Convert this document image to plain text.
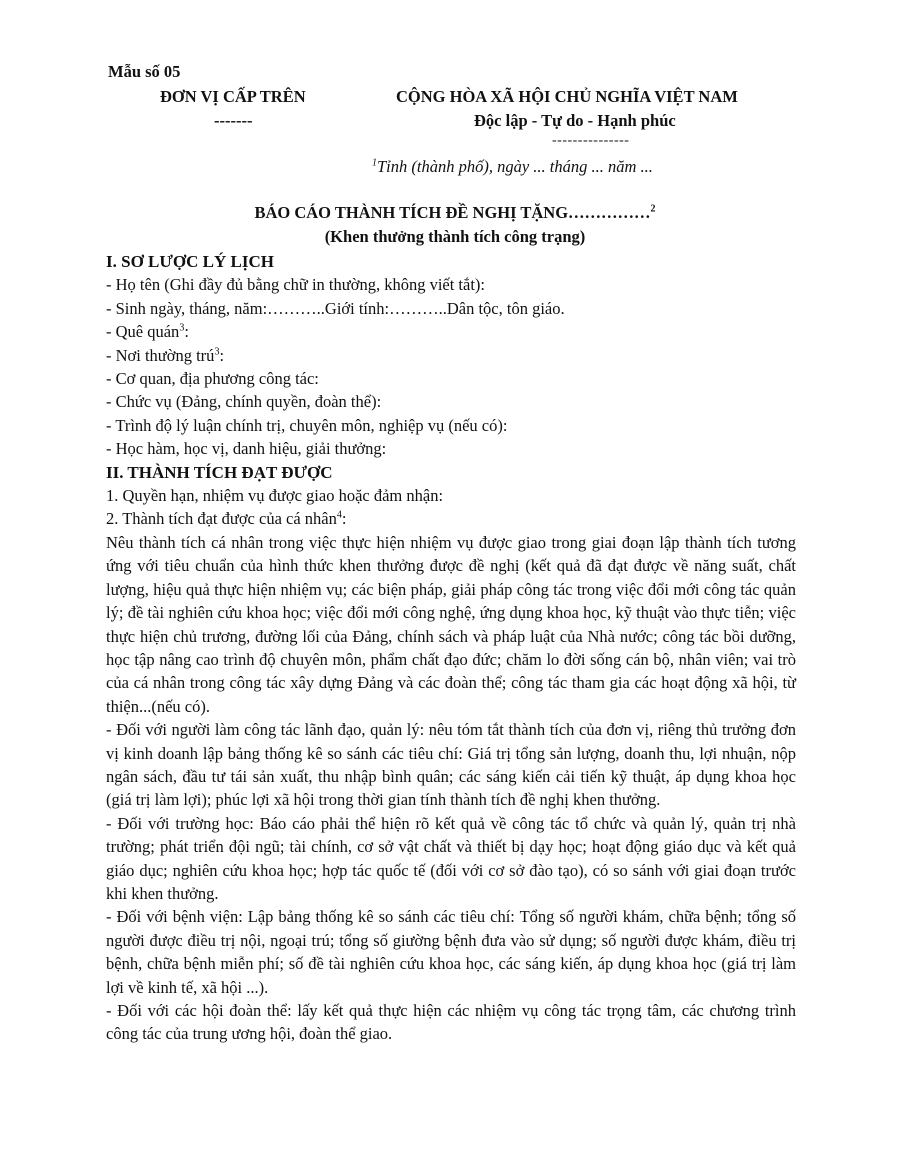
Mẫu số 05
ĐƠN VỊ CẤP TRÊN
-------
CỘNG HÒA XÃ HỘI CHỦ NGHĨA VIỆT NAM
Độc lập - Tự do - Hạnh phúc
---------------
$^1$Tỉnh (thành phố), ngày ... tháng ... năm ...
BÁO CÁO THÀNH TÍCH ĐỀ NGHỊ TẶNG……………$^2$
(Khen thưởng thành tích công trạng)
I. SƠ LƯỢC LÝ LỊCH
- Họ tên (Ghi đầy đủ bằng chữ in thường, không viết tắt):
- Sinh ngày, tháng, năm:………..Giới tính:………..Dân tộc, tôn giáo.
- Quê quán$^3$:
- Nơi thường trú$^3$:
- Cơ quan, địa phương công tác:
- Chức vụ (Đảng, chính quyền, đoàn thể):
- Trình độ lý luận chính trị, chuyên môn, nghiệp vụ (nếu có):
- Học hàm, học vị, danh hiệu, giải thưởng:
II. THÀNH TÍCH ĐẠT ĐƯỢC
1. Quyền hạn, nhiệm vụ được giao hoặc đảm nhận:
2. Thành tích đạt được của cá nhân$^4$:
Nêu thành tích cá nhân trong việc thực hiện nhiệm vụ được giao trong giai đoạn lập thành tích tương ứng với tiêu chuẩn của hình thức khen thưởng được đề nghị (kết quả đã đạt được về năng suất, chất lượng, hiệu quả thực hiện nhiệm vụ; các biện pháp, giải pháp công tác trong việc đổi mới công tác quản lý; đề tài nghiên cứu khoa học; việc đổi mới công nghệ, ứng dụng khoa học, kỹ thuật vào thực tiễn; việc thực hiện chủ trương, đường lối của Đảng, chính sách và pháp luật của Nhà nước; công tác bồi dưỡng, học tập nâng cao trình độ chuyên môn, phẩm chất đạo đức; chăm lo đời sống cán bộ, nhân viên; vai trò của cá nhân trong công tác xây dựng Đảng và các đoàn thể; công tác tham gia các hoạt động xã hội, từ thiện...(nếu có).
- Đối với người làm công tác lãnh đạo, quản lý: nêu tóm tắt thành tích của đơn vị, riêng thủ trưởng đơn vị kinh doanh lập bảng thống kê so sánh các tiêu chí: Giá trị tổng sản lượng, doanh thu, lợi nhuận, nộp ngân sách, đầu tư tái sản xuất, thu nhập bình quân; các sáng kiến cải tiến kỹ thuật, áp dụng khoa học (giá trị làm lợi); phúc lợi xã hội trong thời gian tính thành tích đề nghị khen thưởng.
- Đối với trường học: Báo cáo phải thể hiện rõ kết quả về công tác tổ chức và quản lý, quản trị nhà trường; phát triển đội ngũ; tài chính, cơ sở vật chất và thiết bị dạy học; hoạt động giáo dục và kết quả giáo dục; nghiên cứu khoa học; hợp tác quốc tế (đối với cơ sở đào tạo), có so sánh với giai đoạn trước khi khen thưởng.
- Đối với bệnh viện: Lập bảng thống kê so sánh các tiêu chí: Tổng số người khám, chữa bệnh; tổng số người được điều trị nội, ngoại trú; tổng số giường bệnh đưa vào sử dụng; số người được khám, điều trị bệnh, chữa bệnh miễn phí; số đề tài nghiên cứu khoa học, các sáng kiến, áp dụng khoa học (giá trị làm lợi về kinh tế, xã hội ...).
- Đối với các hội đoàn thể: lấy kết quả thực hiện các nhiệm vụ công tác trọng tâm, các chương trình công tác của trung ương hội, đoàn thể giao.
